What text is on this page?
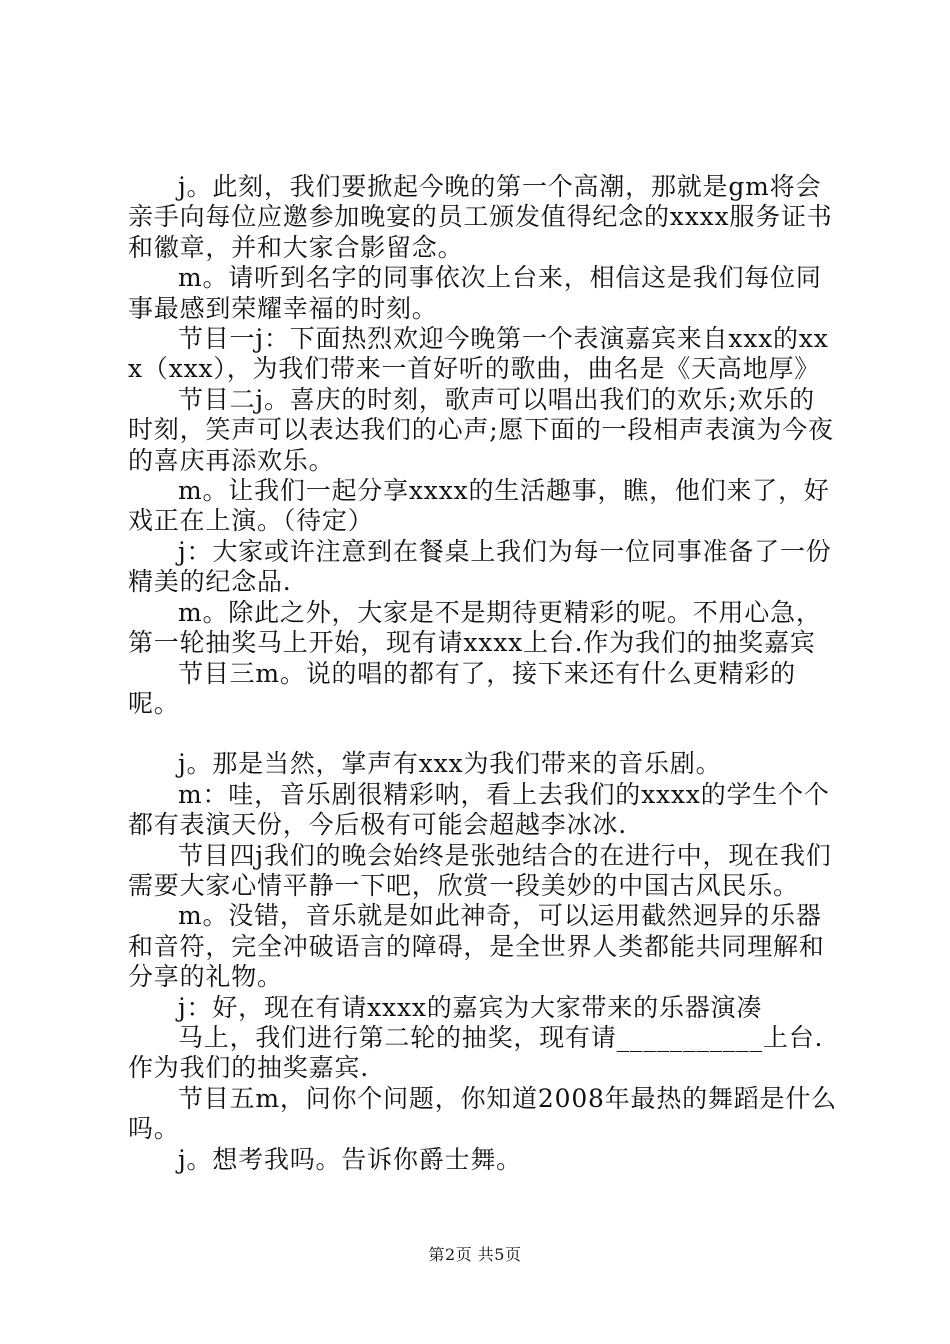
j。此刻，我们要掀起今晚的第一个高潮，那就是gm将会亲手向每位应邀参加晚宴的员工颁发值得纪念的xxxx服务证书和徽章，并和大家合影留念。

m。请听到名字的同事依次上台来，相信这是我们每位同事最感到荣耀幸福的时刻。

节目一j：下面热烈欢迎今晚第一个表演嘉宾来自xxx的xxx（xxx），为我们带来一首好听的歌曲，曲名是《天高地厚》

节目二j。喜庆的时刻，歌声可以唱出我们的欢乐;欢乐的时刻，笑声可以表达我们的心声;愿下面的一段相声表演为今夜的喜庆再添欢乐。

m。让我们一起分享xxxx的生活趣事，瞧，他们来了，好戏正在上演。（待定）

j：大家或许注意到在餐桌上我们为每一位同事准备了一份精美的纪念品.

m。除此之外，大家是不是期待更精彩的呢。不用心急，第一轮抽奖马上开始，现有请xxxx上台.作为我们的抽奖嘉宾

节目三m。说的唱的都有了，接下来还有什么更精彩的呢。

j。那是当然，掌声有xxx为我们带来的音乐剧。

m：哇，音乐剧很精彩呐，看上去我们的xxxx的学生个个都有表演天份，今后极有可能会超越李冰冰.

节目四j我们的晚会始终是张弛结合的在进行中，现在我们需要大家心情平静一下吧，欣赏一段美妙的中国古风民乐。

m。没错，音乐就是如此神奇，可以运用截然迥异的乐器和音符，完全冲破语言的障碍，是全世界人类都能共同理解和分享的礼物。

j：好，现在有请xxxx的嘉宾为大家带来的乐器演凑

马上，我们进行第二轮的抽奖，现有请___________上台.作为我们的抽奖嘉宾.

节目五m，问你个问题，你知道2008年最热的舞蹈是什么吗。

j。想考我吗。告诉你爵士舞。

第2页 共5页
